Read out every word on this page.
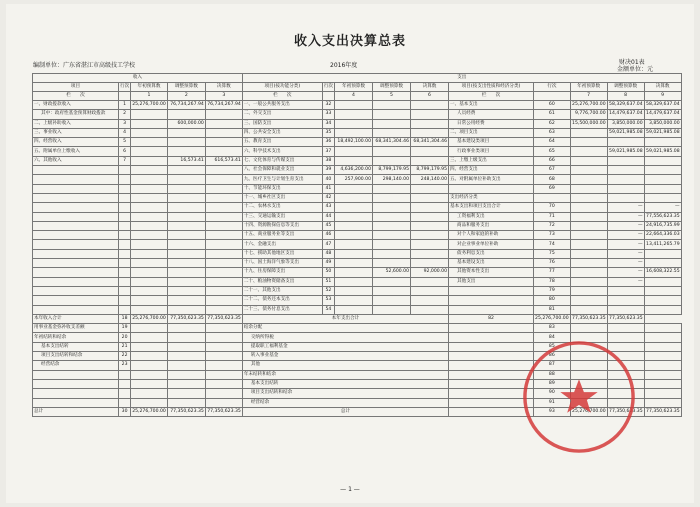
收入支出决算总表
财决01表
编制单位：广东省湛江市高级技工学校	2016年度
金额单位：元
收入					支出									
项目	行次	年初预算数	调整预算数	决算数	项目(按功能分类)	行次	年初预算数	调整预算数	决算数	项目(按支出性质和经济分类)	行次	年初预算数	调整预算数	决算数
栏　　次		1	2	3	栏　　次		4	5	6	栏　　次		7	8	9
一、财政拨款收入	1	25,276,700.00	76,734,267.94	76,734,267.94	一、一般公共服务支出	32				一、基本支出	60	25,276,700.00	58,329,637.04	58,329,637.04
其中：政府性基金预算财政拨款	2				二、外交支出	33				人员经费	61	9,776,700.00	14,479,637.04	14,479,637.04
二、上级补助收入	3		600,000.00		三、国防支出	34				日常公用经费	62	15,500,000.00	3,850,000.00	3,850,000.00
三、事业收入	4				四、公共安全支出	35				二、项目支出	63		59,021,985.08	59,021,985.08
四、经营收入	5				五、教育支出	36	18,492,100.00	68,341,304.46	68,341,304.46	基本建设类项目	64			
五、附属单位上缴收入	6				六、科学技术支出	37				行政事业类项目	65		59,021,985.08	59,021,985.08
六、其他收入	7		16,573.41	616,573.41	七、文化体育与传媒支出	38				三、上缴上级支出	66			
					八、社会保障和就业支出	39	4,636,200.00	8,799,179.95	8,799,179.95	四、经营支出	67			
					九、医疗卫生与计划生育支出	40	257,900.00	298,140.00	248,140.00	五、对附属单位补助支出	68			
					十、节能环保支出	41					69			
					十一、城乡社区支出	42				支出经济分类				
					十二、农林水支出	43				基本支出和项目支出合计	70		—	—
					十三、交通运输支出	44				工资福利支出	71		—	77,556,623.35
					十四、资源勘探信息等支出	45				商品和服务支出	72		—	24,916,735.99
					十五、商业服务业等支出	46				对个人和家庭的补助	73		—	22,664,336.03
					十六、金融支出	47				对企业事业单位补助	74		—	13,411,265.79
					十七、援助其他地区支出	48				债务利息支出	75		—	
					十八、国土海洋气象等支出	49				基本建设支出	76		—	
					十九、住房保障支出	50		52,600.00	92,000.00	其他资本性支出	77		—	16,608,322.55
					二十、粮油物资储备支出	51				其他支出	78		—	
					二十一、其他支出	52					79			
					二十二、债务还本支出	53					80			
					二十三、债务付息支出	54					81			
本年收入合计	18	25,276,700.00	77,350,623.35	77,350,623.35	本年支出合计					82	25,276,700.00	77,350,623.35	77,350,623.35	
用事业基金弥补收支差额	19				结余分配						83			
年初结转和结余	20				交纳所得税						84			
基本支出结转	21				提取职工福利基金						85			
项目支出结转和结余	22				转入事业基金						86			
经营结余	23				其他						87			
					年末结转和结余						88			
					基本支出结转						89			
					项目支出结转和结余						90			
					经营结余						91			
总计	30	25,276,700.00	77,350,623.35	77,350,623.35	总计						93	25,276,700.00	77,350,623.35	77,350,623.35
— 1 —
